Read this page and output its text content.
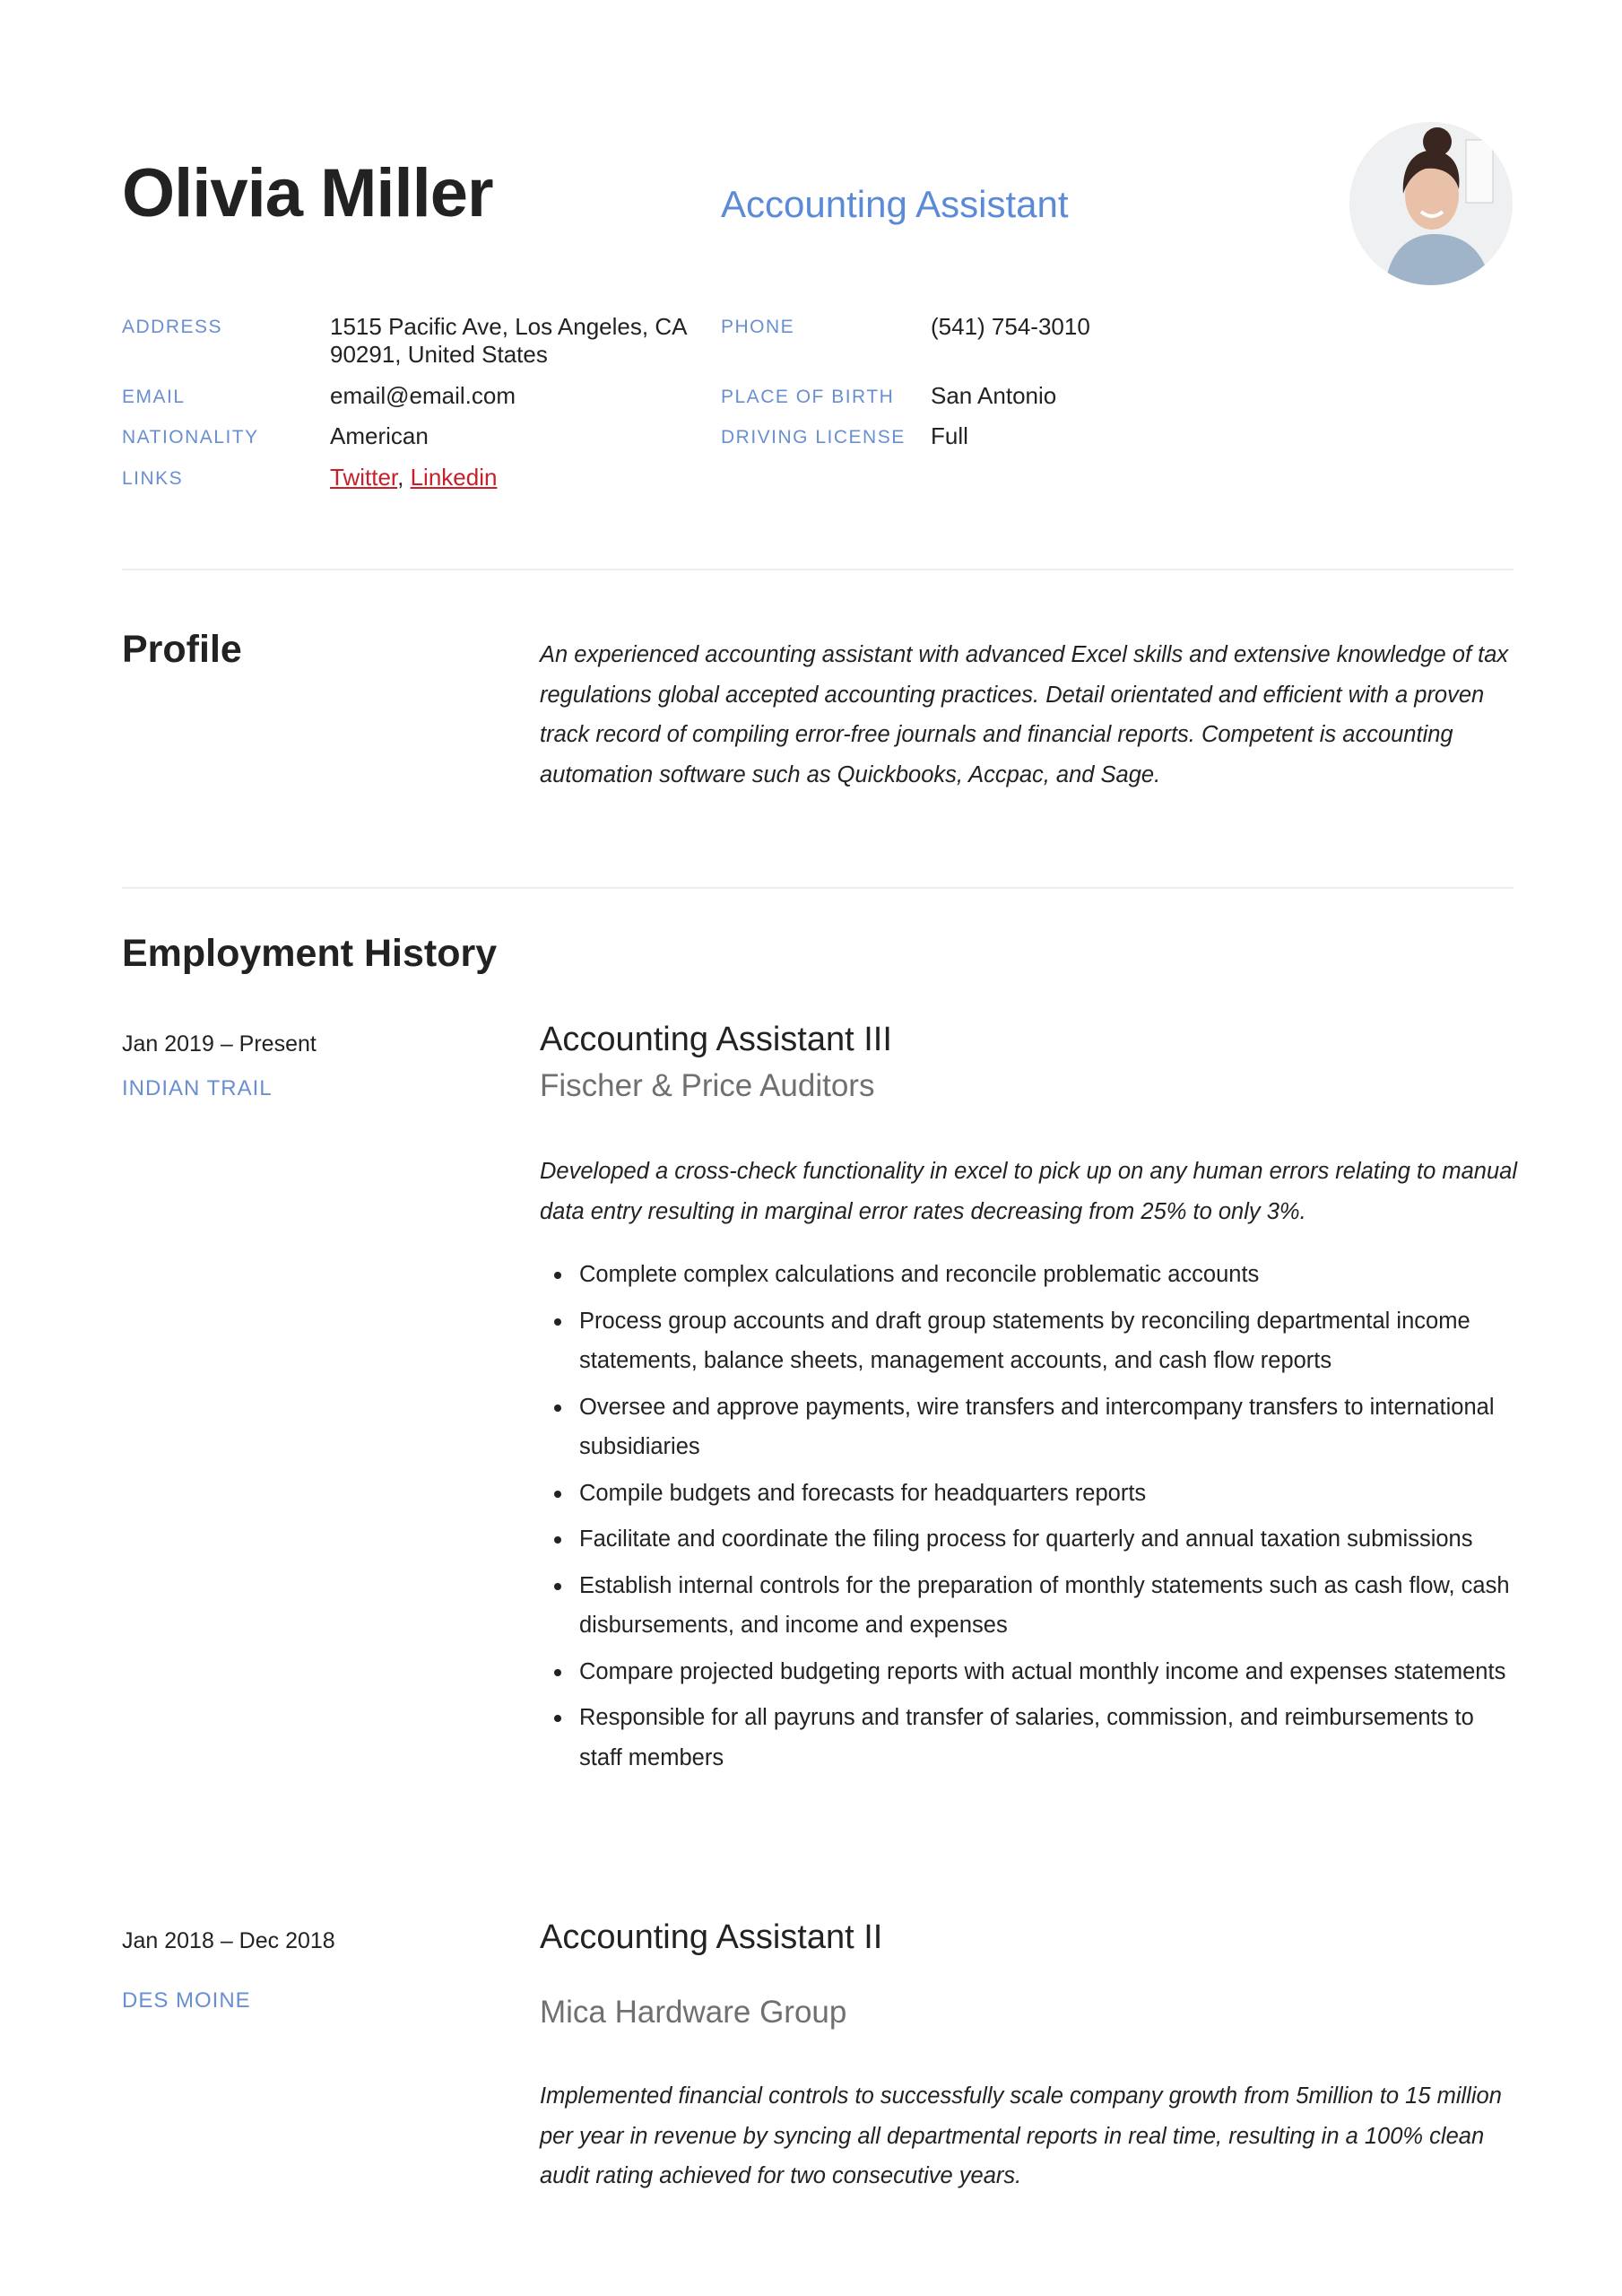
Olivia Miller	Accounting Assistant
ADDRESS	1515 Pacific Ave, Los Angeles, CA
90291, United States
PHONE	(541) 754-3010
EMAIL	email@email.com	PLACE OF BIRTH San Antonio
NATIONALITY	American	DRIVING LICENSE Full
LINKS	Twitter, Linkedin
Profile	An experienced accounting assistant with advanced Excel skills and extensive knowledge of tax
regulations global accepted accounting practices. Detail orientated and efficient with a proven
track record of compiling error-free journals and financial reports. Competent is accounting
automation software such as Quickbooks, Accpac, and Sage.
Employment History
Jan 2019 – Present
INDIAN TRAIL
Accounting Assistant III
Fischer & Price Auditors
Developed a cross-check functionality in excel to pick up on any human errors relating to manual data entry resulting in marginal error rates decreasing from 25% to only 3%.
Complete complex calculations and reconcile problematic accounts
Process group accounts and draft group statements by reconciling departmental income statements, balance sheets, management accounts, and cash flow reports
Oversee and approve payments, wire transfers and intercompany transfers to international subsidiaries
Compile budgets and forecasts for headquarters reports
Facilitate and coordinate the filing process for quarterly and annual taxation submissions
Establish internal controls for the preparation of monthly statements such as cash flow, cash disbursements, and income and expenses
Compare projected budgeting reports with actual monthly income and expenses statements
Responsible for all payruns and transfer of salaries, commission, and reimbursements to staff members
Jan 2018 – Dec 2018
DES MOINE
Accounting Assistant II
Mica Hardware Group
Implemented financial controls to successfully scale company growth from 5million to 15 million per year in revenue by syncing all departmental reports in real time, resulting in a 100% clean audit rating achieved for two consecutive years.
